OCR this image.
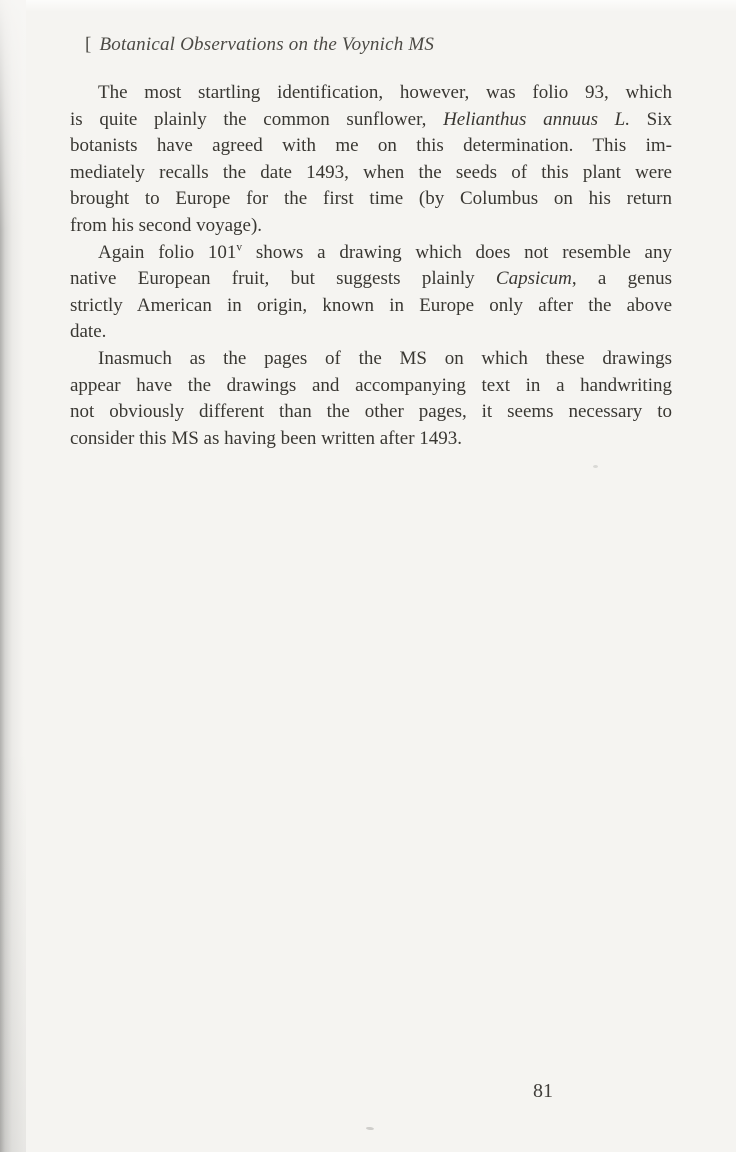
[ Botanical Observations on the Voynich MS
The most startling identification, however, was folio 93, which
is quite plainly the common sunflower, Helianthus annuus L. Six
botanists have agreed with me on this determination. This im-
mediately recalls the date 1493, when the seeds of this plant were
brought to Europe for the first time (by Columbus on his return
from his second voyage).
Again folio 101$^v$ shows a drawing which does not resemble any
native European fruit, but suggests plainly Capsicum, a genus
strictly American in origin, known in Europe only after the above
date.
Inasmuch as the pages of the MS on which these drawings
appear have the drawings and accompanying text in a handwriting
not obviously different than the other pages, it seems necessary to
consider this MS as having been written after 1493.
81
